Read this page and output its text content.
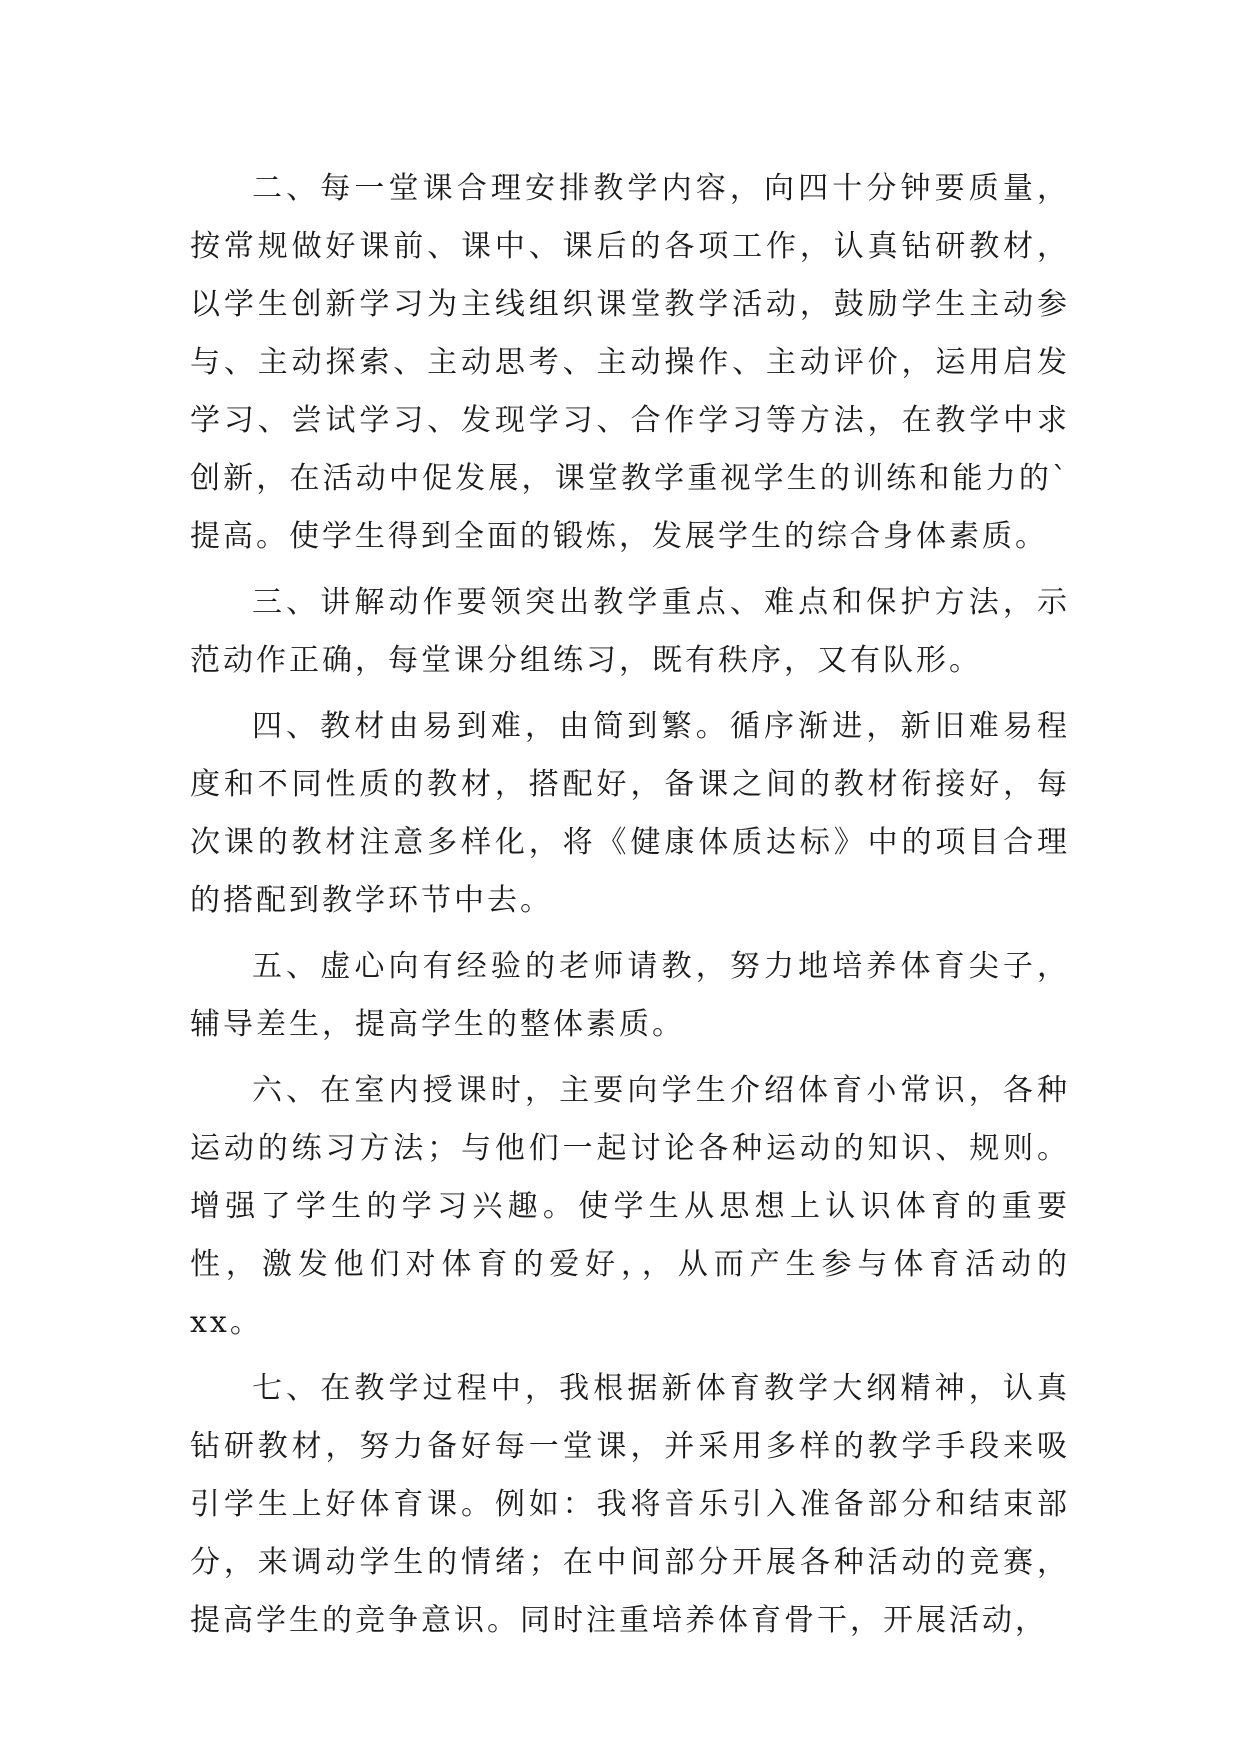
二、每一堂课合理安排教学内容，向四十分钟要质量，按常规做好课前、课中、课后的各项工作，认真钻研教材，以学生创新学习为主线组织课堂教学活动，鼓励学生主动参与、主动探索、主动思考、主动操作、主动评价，运用启发学习、尝试学习、发现学习、合作学习等方法，在教学中求创新，在活动中促发展，课堂教学重视学生的训练和能力的`提高。使学生得到全面的锻炼，发展学生的综合身体素质。

三、讲解动作要领突出教学重点、难点和保护方法，示范动作正确，每堂课分组练习，既有秩序，又有队形。

四、教材由易到难，由简到繁。循序渐进，新旧难易程度和不同性质的教材，搭配好，备课之间的教材衔接好，每次课的教材注意多样化，将《健康体质达标》中的项目合理的搭配到教学环节中去。

五、虚心向有经验的老师请教，努力地培养体育尖子，辅导差生，提高学生的整体素质。

六、在室内授课时，主要向学生介绍体育小常识，各种运动的练习方法；与他们一起讨论各种运动的知识、规则。增强了学生的学习兴趣。使学生从思想上认识体育的重要性，激发他们对体育的爱好，，从而产生参与体育活动的xx。

七、在教学过程中，我根据新体育教学大纲精神，认真钻研教材，努力备好每一堂课，并采用多样的教学手段来吸引学生上好体育课。例如：我将音乐引入准备部分和结束部分，来调动学生的情绪；在中间部分开展各种活动的竞赛，提高学生的竞争意识。同时注重培养体育骨干，开展活动，
